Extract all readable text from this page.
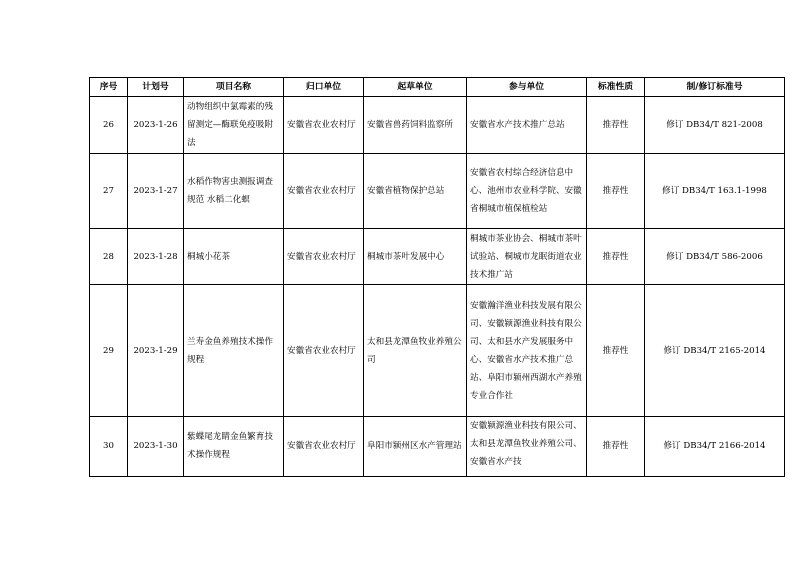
序号	计划号	项目名称	归口单位	起草单位	参与单位	标准性质	制/修订标准号
26	2023-1-26	动物组织中氯霉素的残留测定—酶联免疫吸附法	安徽省农业农村厅	安徽省兽药饲料监察所	安徽省水产技术推广总站	推荐性	修订 DB34/T 821-2008
27	2023-1-27	水稻作物害虫测报调查规范 水稻二化螟	安徽省农业农村厅	安徽省植物保护总站	安徽省农村综合经济信息中心、池州市农业科学院、安徽省桐城市植保植检站	推荐性	修订 DB34/T 163.1-1998
28	2023-1-28	桐城小花茶	安徽省农业农村厅	桐城市茶叶发展中心	桐城市茶业协会、桐城市茶叶试验站、桐城市龙眠街道农业技术推广站	推荐性	修订 DB34/T 586-2006
29	2023-1-29	兰寿金鱼养殖技术操作规程	安徽省农业农村厅	太和县龙潭鱼牧业养殖公司	安徽瀚洋渔业科技发展有限公司、安徽颍源渔业科技有限公司、太和县水产发展服务中心、安徽省水产技术推广总站、阜阳市颍州西湖水产养殖专业合作社	推荐性	修订 DB34/T 2165-2014

30	2023-1-30	紫蝶尾龙睛金鱼繁育技术操作规程	安徽省农业农村厅	阜阳市颍州区水产管理站	安徽颍源渔业科技有限公司、太和县龙潭鱼牧业养殖公司、安徽省水产技	推荐性	修订 DB34/T 2166-2014
